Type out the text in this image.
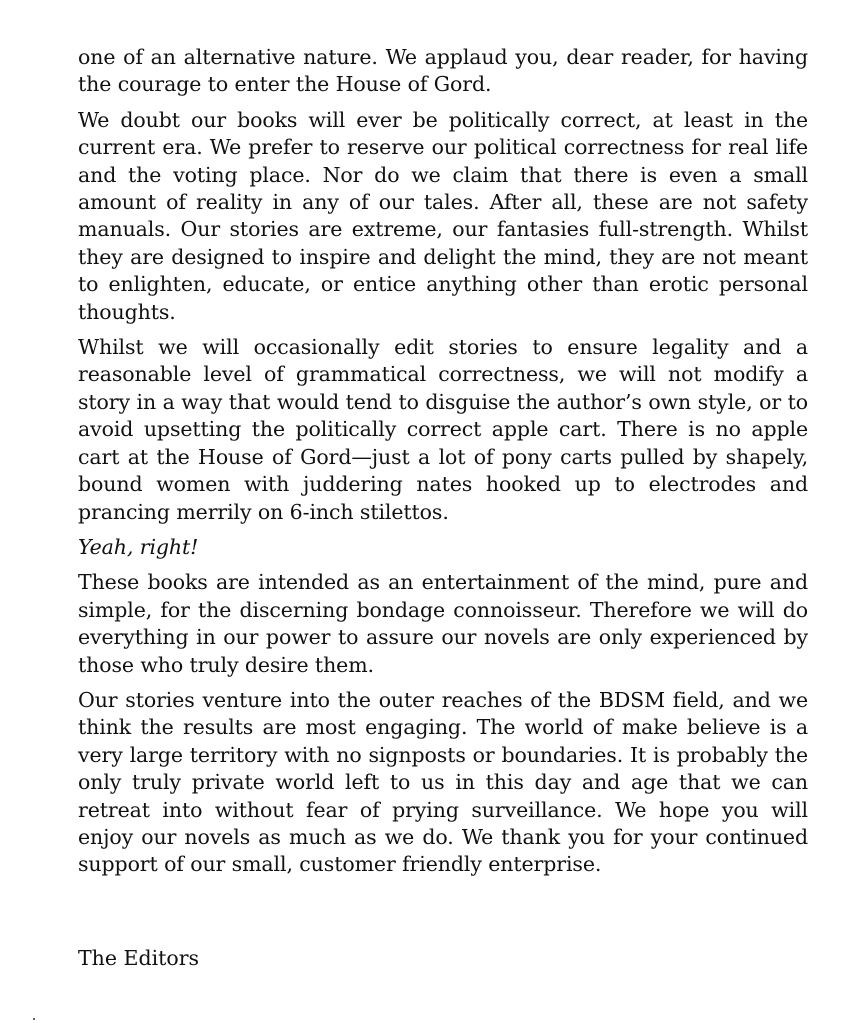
one of an alternative nature. We applaud you, dear reader, for having the courage to enter the House of Gord.

We doubt our books will ever be politically correct, at least in the current era. We prefer to reserve our political correctness for real life and the voting place. Nor do we claim that there is even a small amount of reality in any of our tales. After all, these are not safety manuals. Our stories are extreme, our fantasies full-strength. Whilst they are designed to inspire and delight the mind, they are not meant to enlighten, educate, or entice anything other than erotic personal thoughts.

Whilst we will occasionally edit stories to ensure legality and a reasonable level of grammatical correctness, we will not modify a story in a way that would tend to disguise the author’s own style, or to avoid upsetting the politically correct apple cart. There is no apple cart at the House of Gord—just a lot of pony carts pulled by shapely, bound women with juddering nates hooked up to electrodes and prancing merrily on 6-inch stilettos.

Yeah, right!

These books are intended as an entertainment of the mind, pure and simple, for the discerning bondage connoisseur. Therefore we will do everything in our power to assure our novels are only experienced by those who truly desire them.

Our stories venture into the outer reaches of the BDSM field, and we think the results are most engaging. The world of make believe is a very large territory with no signposts or boundaries. It is probably the only truly private world left to us in this day and age that we can retreat into without fear of prying surveillance. We hope you will enjoy our novels as much as we do. We thank you for your continued support of our small, customer friendly enterprise.

The Editors
